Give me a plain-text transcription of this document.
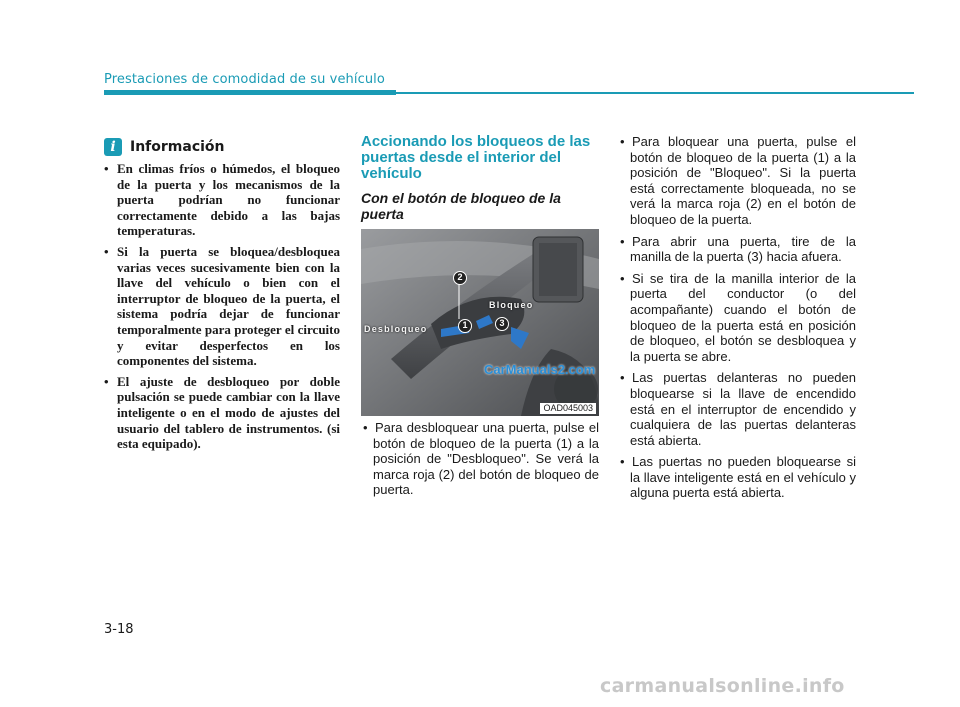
Prestaciones de comodidad de su vehículo
i	Información
• En climas fríos o húmedos, el bloqueo de la puerta y los mecanismos de la puerta podrían no funcionar correctamente debido a las bajas temperaturas.
• Si la puerta se bloquea/desbloquea varias veces sucesivamente bien con la llave del vehículo o bien con el interruptor de bloqueo de la puerta, el sistema podría dejar de funcionar temporalmente para proteger el circuito y evitar desperfectos en los componentes del sistema.
• El ajuste de desbloqueo por doble pulsación se puede cambiar con la llave inteligente o en el modo de ajustes del usuario del tablero de instrumentos. (si esta equipado).
Accionando los bloqueos de las puertas desde el interior del vehículo
Con el botón de bloqueo de la puerta
Desbloqueo
Bloqueo
2
1	3
CarManuals2.com
OAD045003
• Para desbloquear una puerta, pulse el botón de bloqueo de la puerta (1) a la posición de "Desbloqueo". Se verá la marca roja (2) del botón de bloqueo de puerta.
• Para bloquear una puerta, pulse el botón de bloqueo de la puerta (1) a la posición de "Bloqueo". Si la puerta está correctamente bloqueada, no se verá la marca roja (2) en el botón de bloqueo de la puerta.
• Para abrir una puerta, tire de la manilla de la puerta (3) hacia afuera.
• Si se tira de la manilla interior de la puerta del conductor (o del acompañante) cuando el botón de bloqueo de la puerta está en posición de bloqueo, el botón se desbloquea y la puerta se abre.
• Las puertas delanteras no pueden bloquearse si la llave de encendido está en el interruptor de encendido y cualquiera de las puertas delanteras está abierta.
• Las puertas no pueden bloquearse si la llave inteligente está en el vehículo y alguna puerta está abierta.
3-18
carmanualsonline.info
